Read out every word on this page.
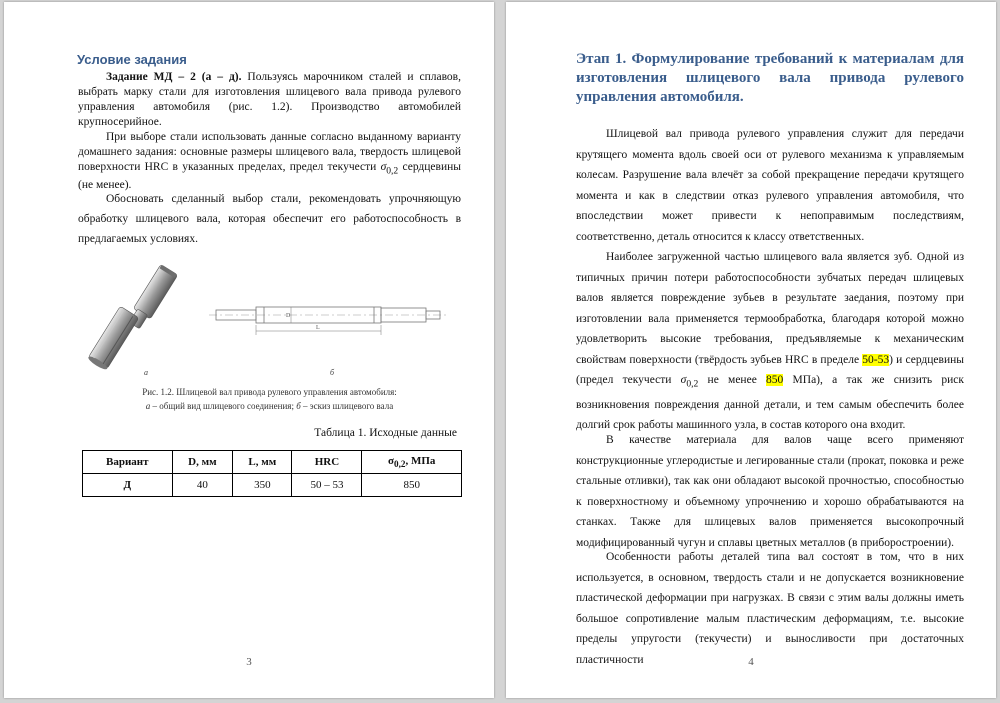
Условие задания

Задание МД – 2 (а – д). Пользуясь марочником сталей и сплавов, выбрать марку стали для изготовления шлицевого вала привода рулевого управления автомобиля (рис. 1.2). Производство автомобилей крупносерийное.

При выборе стали использовать данные согласно выданному варианту домашнего задания: основные размеры шлицевого вала, твердость шлицевой поверхности HRC в указанных пределах, предел текучести $\sigma_{0,2}$ сердцевины (не менее).

Обосновать сделанный выбор стали, рекомендовать упрочняющую обработку шлицевого вала, которая обеспечит его работоспособность в предлагаемых условиях.

а
D
L
б

Рис. 1.2. Шлицевой вал привода рулевого управления автомобиля:

а – общий вид шлицевого соединения; б – эскиз шлицевого вала

Таблица 1. Исходные данные

Вариант	D, мм	L, мм	HRC	$\sigma_{0,2}$, МПа
Д	40	350	50 – 53	850
3
Этап 1. Формулирование требований к материалам для изготовления шлицевого вала привода рулевого управления автомобиля.

Шлицевой вал привода рулевого управления служит для передачи крутящего момента вдоль своей оси от рулевого механизма к управляемым колесам. Разрушение вала влечёт за собой прекращение передачи крутящего момента и как в следствии отказ рулевого управления автомобиля, что впоследствии может привести к непоправимым последствиям, соответственно, деталь относится к классу ответственных.

Наиболее загруженной частью шлицевого вала является зуб. Одной из типичных причин потери работоспособности зубчатых передач шлицевых валов является повреждение зубьев в результате заедания, поэтому при изготовлении вала применяется термообработка, благодаря которой можно удовлетворить высокие требования, предъявляемые к механическим свойствам поверхности (твёрдость зубьев HRC в пределе 50-53) и сердцевины (предел текучести $\sigma_{0,2}$ не менее 850 МПа), а так же снизить риск возникновения повреждения данной детали, и тем самым обеспечить более долгий срок работы машинного узла, в состав которого она входит.

В качестве материала для валов чаще всего применяют конструкционные углеродистые и легированные стали (прокат, поковка и реже стальные отливки), так как они обладают высокой прочностью, способностью к поверхностному и объемному упрочнению и хорошо обрабатываются на станках. Также для шлицевых валов применяется высокопрочный модифицированный чугун и сплавы цветных металлов (в приборостроении).

Особенности работы деталей типа вал состоят в том, что в них используется, в основном, твердость стали и не допускается возникновение пластической деформации при нагрузках. В связи с этим валы должны иметь большое сопротивление малым пластическим деформациям, т.е. высокие пределы упругости (текучести) и выносливости при достаточных пластичности	4
